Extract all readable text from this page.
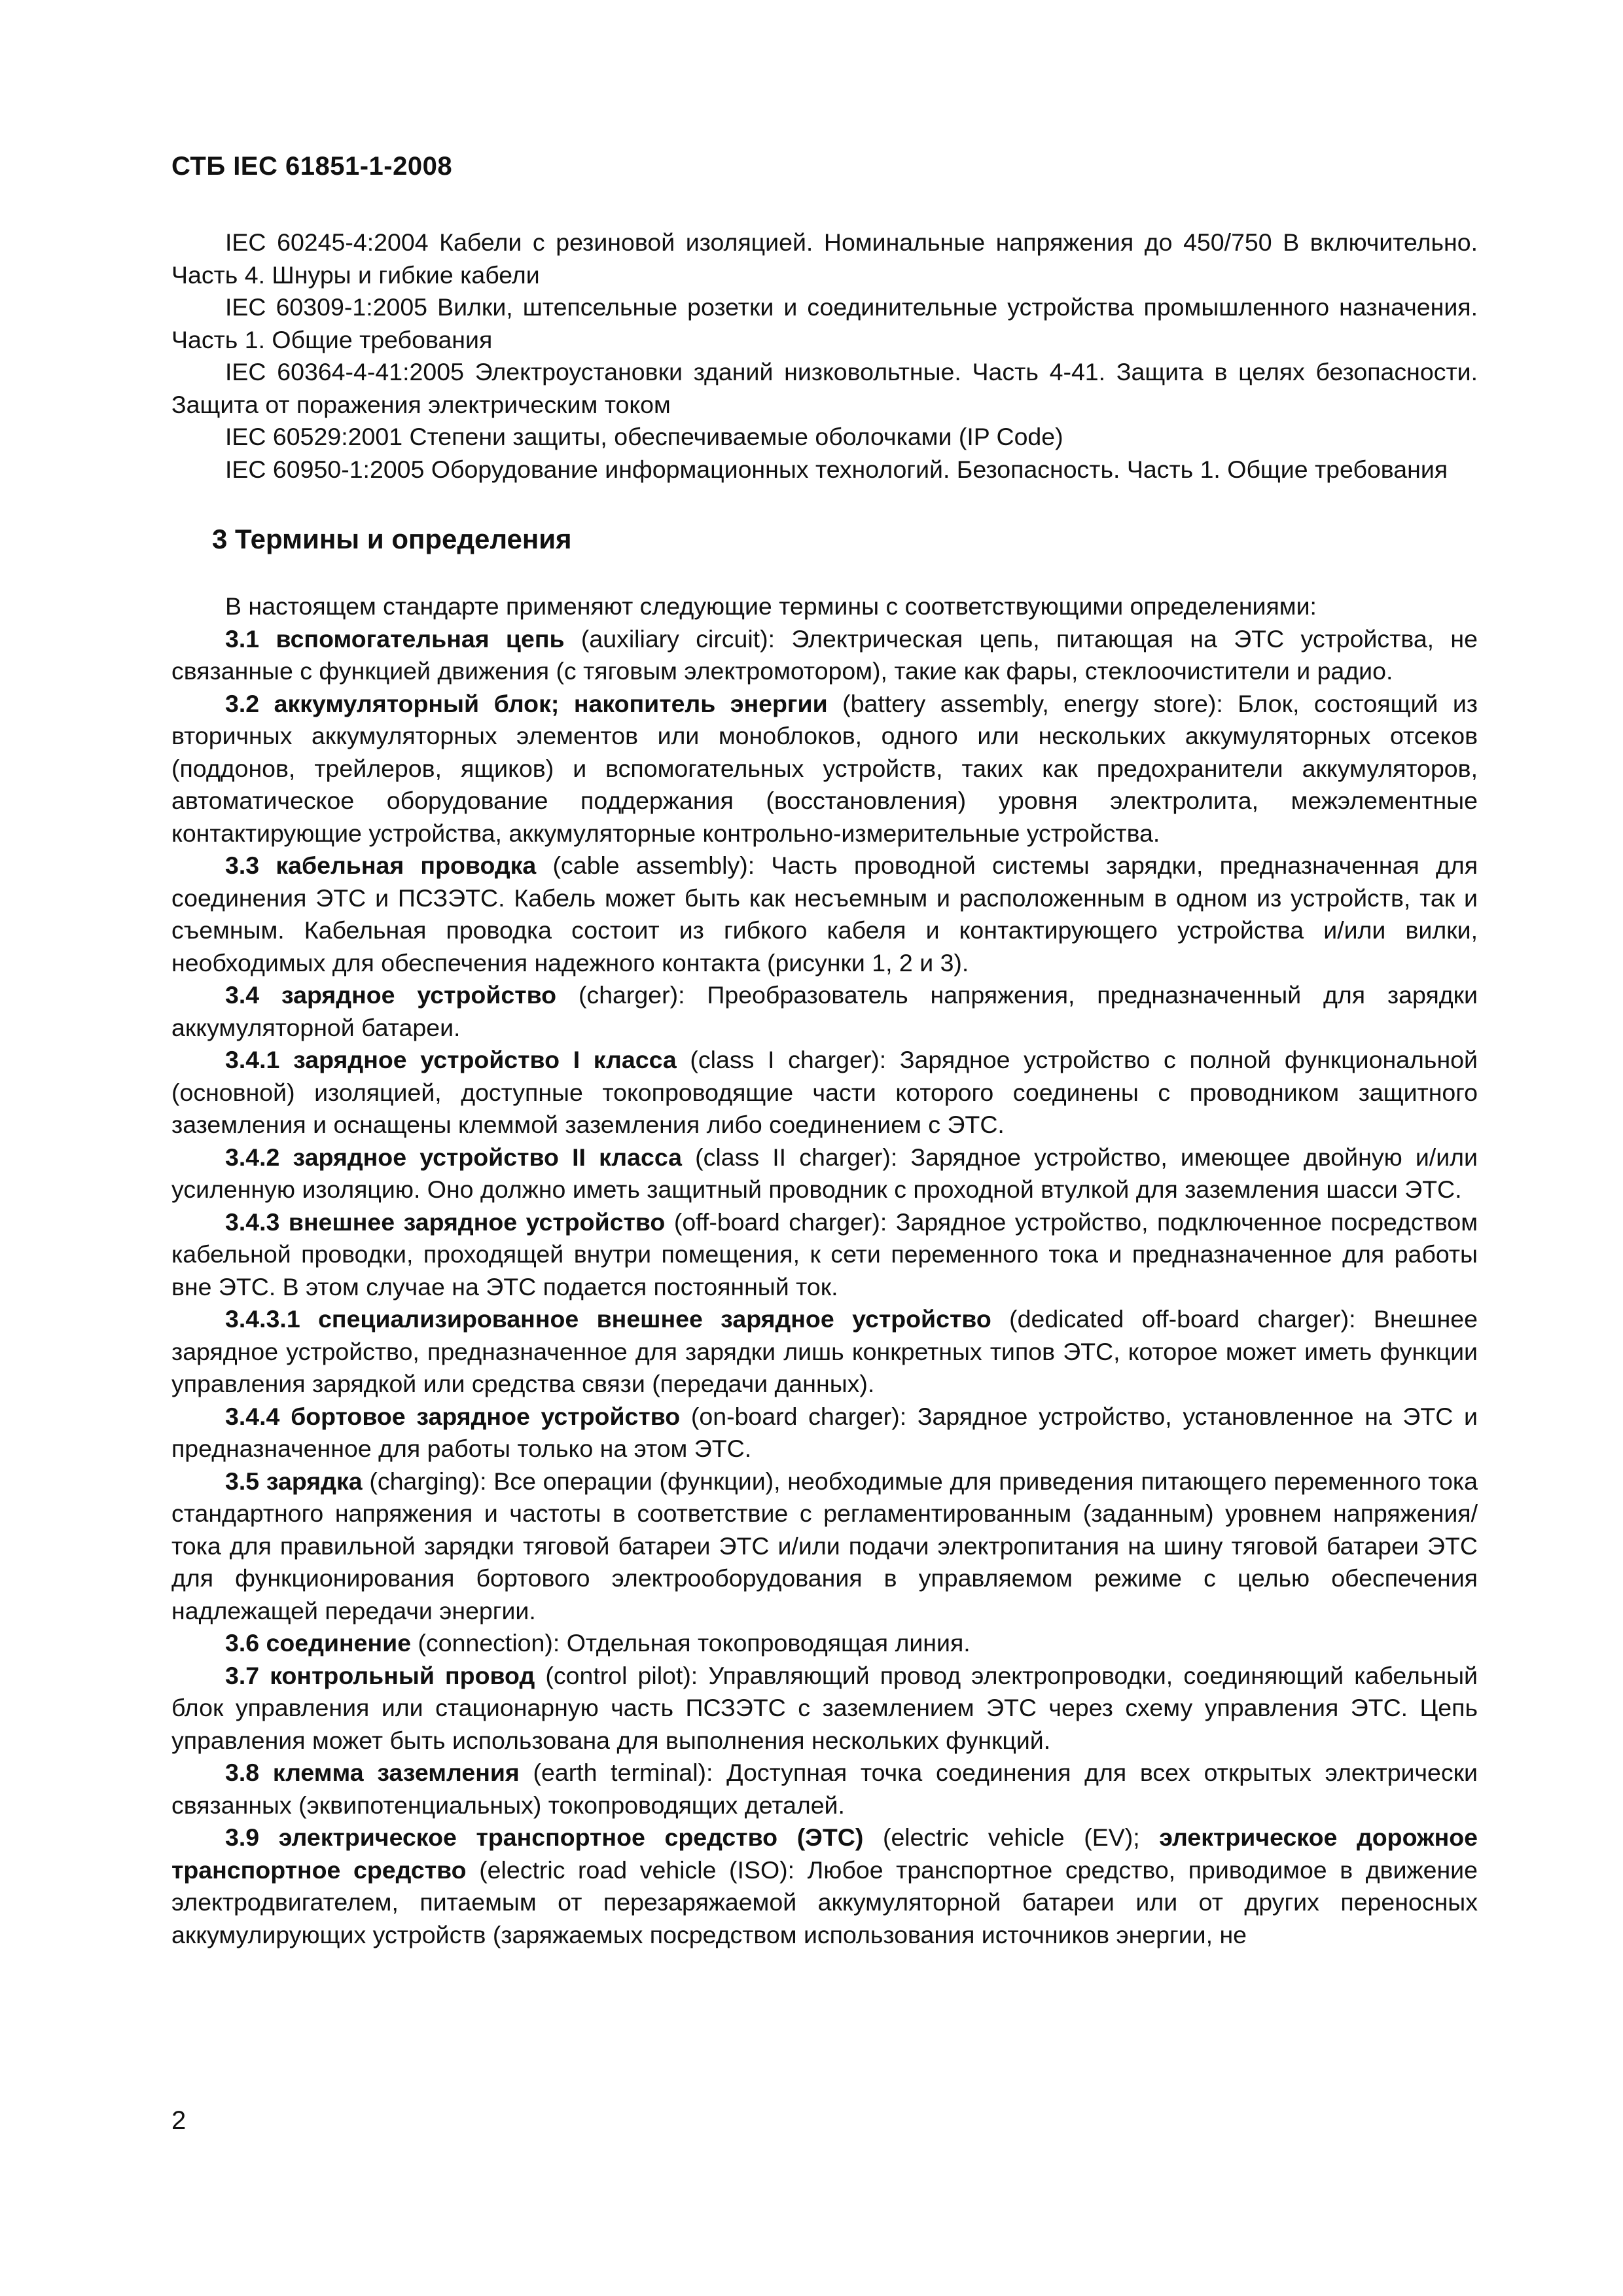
СТБ IEC 61851-1-2008

IEC 60245-4:2004 Кабели с резиновой изоляцией. Номинальные напряжения до 450/750 В включительно. Часть 4. Шнуры и гибкие кабели

IEC 60309-1:2005 Вилки, штепсельные розетки и соединительные устройства промышленного назначения. Часть 1. Общие требования

IEC 60364-4-41:2005 Электроустановки зданий низковольтные. Часть 4-41. Защита в целях безопасности. Защита от поражения электрическим током

IEC 60529:2001 Степени защиты, обеспечиваемые оболочками (IP Code)

IEC 60950-1:2005 Оборудование информационных технологий. Безопасность. Часть 1. Общие требования

3 Термины и определения

В настоящем стандарте применяют следующие термины с соответствующими определениями:

3.1 вспомогательная цепь (auxiliary circuit): Электрическая цепь, питающая на ЭТС устройства, не связанные с функцией движения (с тяговым электромотором), такие как фары, стеклоочистители и радио.

3.2 аккумуляторный блок; накопитель энергии (battery assembly, energy store): Блок, состоящий из вторичных аккумуляторных элементов или моноблоков, одного или нескольких аккумуляторных отсеков (поддонов, трейлеров, ящиков) и вспомогательных устройств, таких как предохранители аккумуляторов, автоматическое оборудование поддержания (восстановления) уровня электролита, межэлементные контактирующие устройства, аккумуляторные контрольно-измерительные устройства.

3.3 кабельная проводка (cable assembly): Часть проводной системы зарядки, предназначенная для соединения ЭТС и ПСЗЭТС. Кабель может быть как несъемным и расположенным в одном из устройств, так и съемным. Кабельная проводка состоит из гибкого кабеля и контактирующего устройства и/или вилки, необходимых для обеспечения надежного контакта (рисунки 1, 2 и 3).

3.4 зарядное устройство (charger): Преобразователь напряжения, предназначенный для зарядки аккумуляторной батареи.

3.4.1 зарядное устройство I класса (class I charger): Зарядное устройство с полной функциональной (основной) изоляцией, доступные токопроводящие части которого соединены с проводником защитного заземления и оснащены клеммой заземления либо соединением с ЭТС.

3.4.2 зарядное устройство II класса (class II charger): Зарядное устройство, имеющее двойную и/или усиленную изоляцию. Оно должно иметь защитный проводник с проходной втулкой для заземления шасси ЭТС.

3.4.3 внешнее зарядное устройство (off-board charger): Зарядное устройство, подключенное посредством кабельной проводки, проходящей внутри помещения, к сети переменного тока и предназначенное для работы вне ЭТС. В этом случае на ЭТС подается постоянный ток.

3.4.3.1 специализированное внешнее зарядное устройство (dedicated off-board charger): Внешнее зарядное устройство, предназначенное для зарядки лишь конкретных типов ЭТС, которое может иметь функции управления зарядкой или средства связи (передачи данных).

3.4.4 бортовое зарядное устройство (on-board charger): Зарядное устройство, установленное на ЭТС и предназначенное для работы только на этом ЭТС.

3.5 зарядка (charging): Все операции (функции), необходимые для приведения питающего переменного тока стандартного напряжения и частоты в соответствие с регламентированным (заданным) уровнем напряжения/тока для правильной зарядки тяговой батареи ЭТС и/или подачи электропитания на шину тяговой батареи ЭТС для функционирования бортового электрооборудования в управляемом режиме с целью обеспечения надлежащей передачи энергии.

3.6 соединение (connection): Отдельная токопроводящая линия.

3.7 контрольный провод (control pilot): Управляющий провод электропроводки, соединяющий кабельный блок управления или стационарную часть ПСЗЭТС с заземлением ЭТС через схему управления ЭТС. Цепь управления может быть использована для выполнения нескольких функций.

3.8 клемма заземления (earth terminal): Доступная точка соединения для всех открытых электрически связанных (эквипотенциальных) токопроводящих деталей.

3.9 электрическое транспортное средство (ЭТС) (electric vehicle (EV); электрическое дорожное транспортное средство (electric road vehicle (ISO): Любое транспортное средство, приводимое в движение электродвигателем, питаемым от перезаряжаемой аккумуляторной батареи или от других переносных аккумулирующих устройств (заряжаемых посредством использования источников энергии, не

2
